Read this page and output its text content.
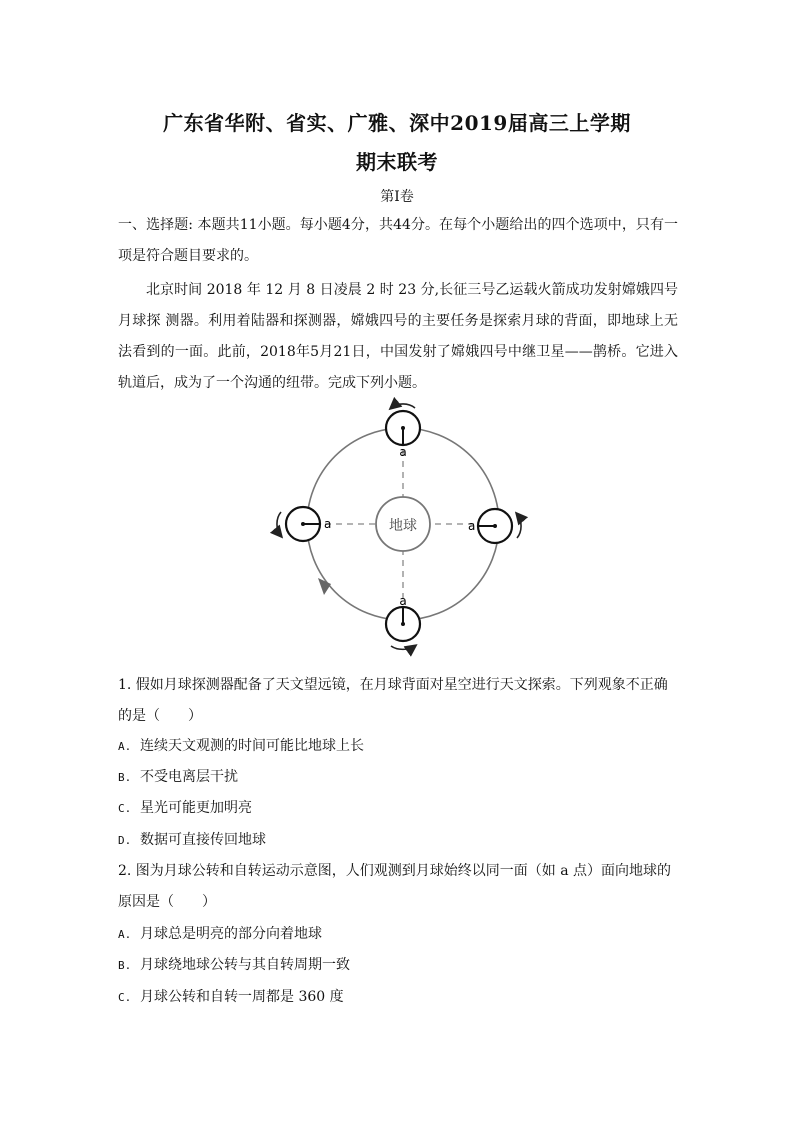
广东省华附、省实、广雅、深中2019届高三上学期
期末联考
第I卷
一、选择题: 本题共11小题。每小题4分，共44分。在每个小题给出的四个选项中，只有一项是符合题目要求的。
北京时间 2018 年 12 月 8 日凌晨 2 时 23 分,长征三号乙运载火箭成功发射嫦娥四号月球探 测器。利用着陆器和探测器，嫦娥四号的主要任务是探索月球的背面，即地球上无法看到的一面。此前，2018年5月21日，中国发射了嫦娥四号中继卫星——鹊桥。它进入轨道后，成为了一个沟通的纽带。完成下列小题。
地球
a
a	a
a
1. 假如月球探测器配备了天文望远镜，在月球背面对星空进行天文探索。下列观象不正确的是（　　）
A. 连续天文观测的时间可能比地球上长
B. 不受电离层干扰
C. 星光可能更加明亮
D. 数据可直接传回地球
2. 图为月球公转和自转运动示意图，人们观测到月球始终以同一面（如 a 点）面向地球的原因是（　　）
A. 月球总是明亮的部分向着地球
B. 月球绕地球公转与其自转周期一致
C. 月球公转和自转一周都是 360 度
